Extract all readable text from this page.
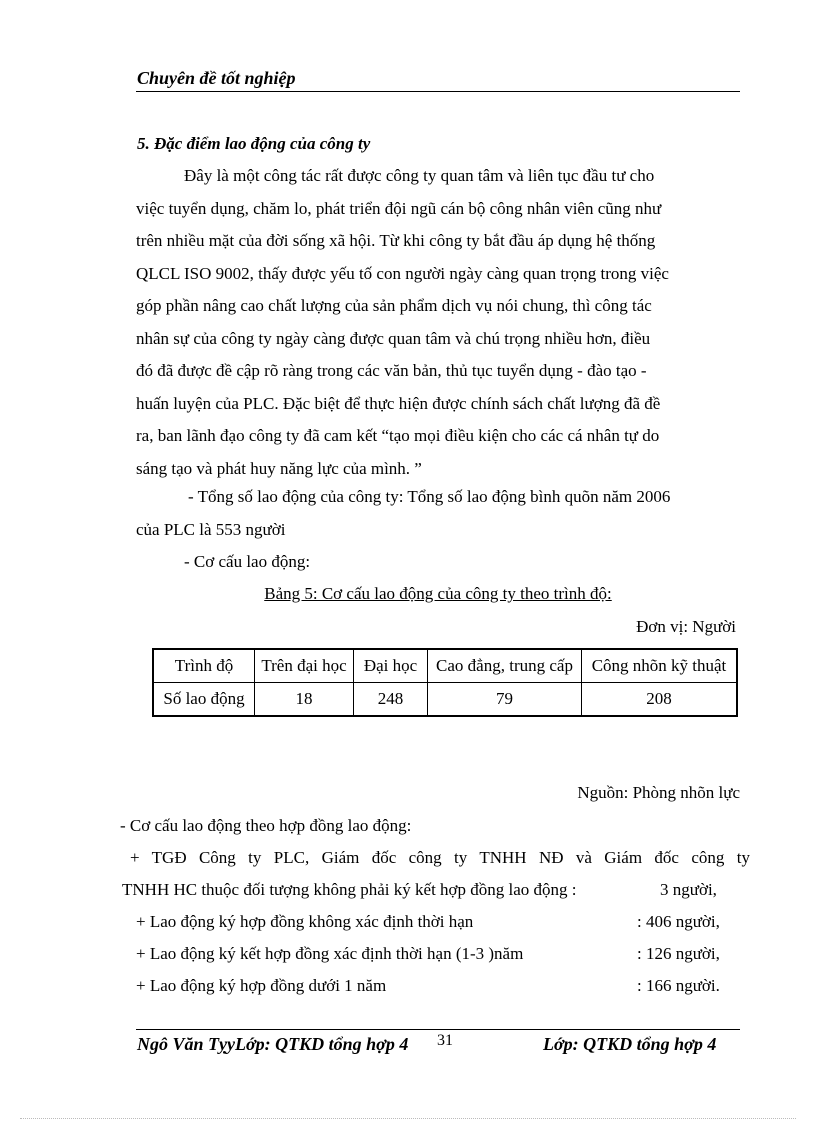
Chuyên đề tốt nghiệp
5. Đặc điểm lao động của công ty
Đây là một công tác rất được công ty quan tâm và liên tục đầu tư cho
việc tuyển dụng, chăm lo, phát triển đội ngũ cán bộ công nhân viên cũng như
trên nhiều mặt của đời sống xã hội. Từ khi công ty bắt đầu áp dụng hệ thống
QLCL ISO 9002, thấy được yếu tố con người ngày càng quan trọng trong việc
góp phần nâng cao chất lượng của sản phẩm dịch vụ nói chung, thì công tác
nhân sự của công ty ngày càng được quan tâm và chú trọng nhiều hơn, điều
đó đã được đề cập rõ ràng trong các văn bản, thủ tục tuyển dụng - đào tạo -
huấn luyện của PLC. Đặc biệt để thực hiện được chính sách chất lượng đã đề
ra, ban lãnh đạo công ty đã cam kết “tạo mọi điều kiện cho các cá nhân tự do
sáng tạo và phát huy năng lực của mình. ”
- Tổng số lao động của công ty: Tổng số lao động bình quõn năm 2006
của PLC là 553 người
- Cơ cấu lao động:
Bảng 5: Cơ cấu lao động của công ty theo trình độ:
Đơn vị: Người
Trình độ	Trên đại học	Đại học	Cao đẳng, trung cấp	Công nhõn kỹ thuật
Số lao động	18	248	79	208
Nguồn: Phòng nhõn lực
- Cơ cấu lao động theo hợp đồng lao động:
+ TGĐ Công ty PLC, Giám đốc công ty TNHH NĐ và Giám đốc công ty
TNHH HC thuộc đối tượng không phải ký kết hợp đồng lao động :	3 người,
+ Lao động ký hợp đồng không xác định thời hạn	: 406 người,
+ Lao động ký kết hợp đồng xác định thời hạn (1-3 )năm	: 126 người,
+ Lao động ký hợp đồng dưới 1 năm	: 166 người.
Ngô Văn TỵyLớp: QTKD tổng hợp 4 31	Lớp: QTKD tổng hợp 4
